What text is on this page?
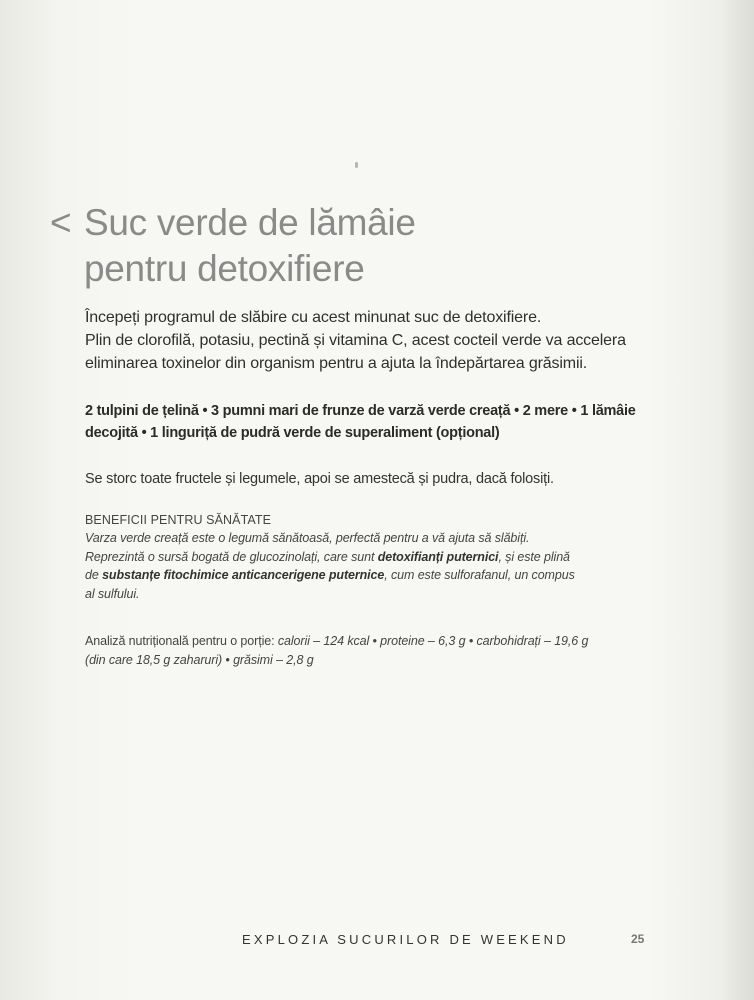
< Suc verde de lămâie
pentru detoxifiere

Începeți programul de slăbire cu acest minunat suc de detoxifiere.

Plin de clorofilă, potasiu, pectină și vitamina C, acest cocteil verde va accelera

eliminarea toxinelor din organism pentru a ajuta la îndepărtarea grăsimii.

2 tulpini de țelină • 3 pumni mari de frunze de varză verde creață • 2 mere • 1 lămâie

decojită • 1 linguriță de pudră verde de superaliment (opțional)

Se storc toate fructele și legumele, apoi se amestecă și pudra, dacă folosiți.
BENEFICII PENTRU SĂNĂTATE

Varza verde creață este o legumă sănătoasă, perfectă pentru a vă ajuta să slăbiți.

Reprezintă o sursă bogată de glucozinolați, care sunt detoxifianți puternici, și este plină

de substanțe fitochimice anticancerigene puternice, cum este sulforafanul, un compus

al sulfului.

Analiză nutrițională pentru o porție: calorii – 124 kcal • proteine – 6,3 g • carbohidrați – 19,6 g

(din care 18,5 g zaharuri) • grăsimi – 2,8 g

EXPLOZIA SUCURILOR DE WEEKEND	25
